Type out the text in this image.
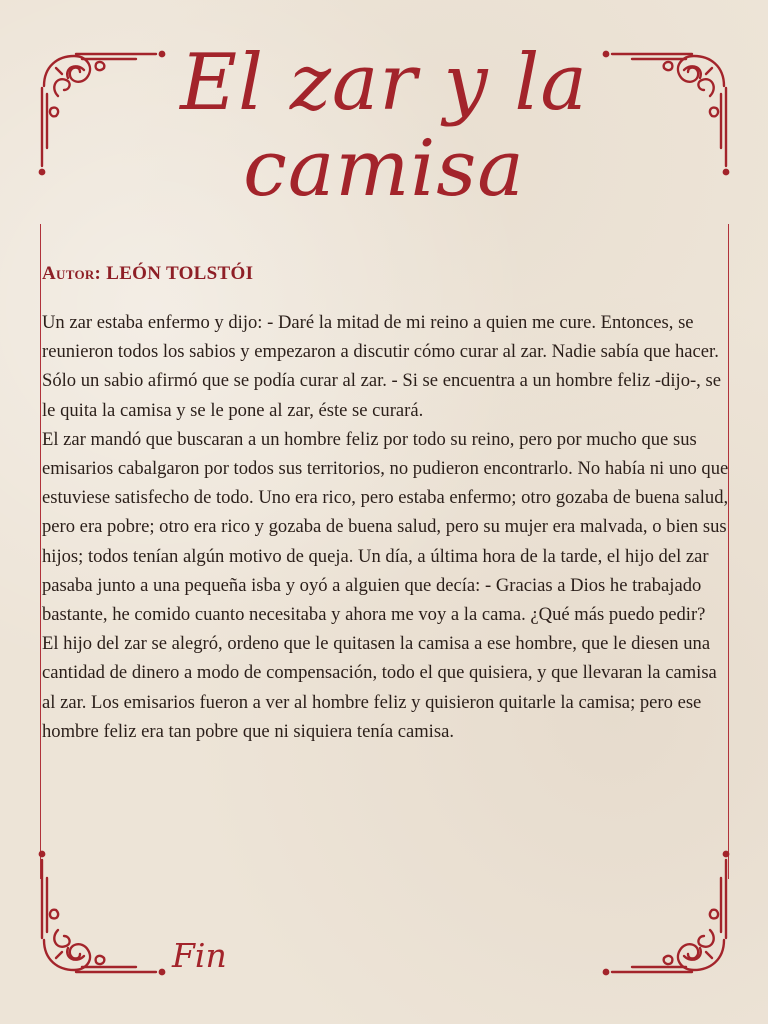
El zar y la
camisa

Autor: LEÓN TOLSTÓI

Un zar estaba enfermo y dijo: - Daré la mitad de mi reino a quien me cure. Entonces, se reunieron todos los sabios y empezaron a discutir cómo curar al zar. Nadie sabía que hacer. Sólo un sabio afirmó que se podía curar al zar. - Si se encuentra a un hombre feliz -dijo-, se le quita la camisa y se le pone al zar, éste se curará.

El zar mandó que buscaran a un hombre feliz por todo su reino, pero por mucho que sus emisarios cabalgaron por todos sus territorios, no pudieron encontrarlo. No había ni uno que estuviese satisfecho de todo. Uno era rico, pero estaba enfermo; otro gozaba de buena salud, pero era pobre; otro era rico y gozaba de buena salud, pero su mujer era malvada, o bien sus hijos; todos tenían algún motivo de queja. Un día, a última hora de la tarde, el hijo del zar pasaba junto a una pequeña isba y oyó a alguien que decía: - Gracias a Dios he trabajado bastante, he comido cuanto necesitaba y ahora me voy a la cama. ¿Qué más puedo pedir?

El hijo del zar se alegró, ordeno que le quitasen la camisa a ese hombre, que le diesen una cantidad de dinero a modo de compensación, todo el que quisiera, y que llevaran la camisa al zar. Los emisarios fueron a ver al hombre feliz y quisieron quitarle la camisa; pero ese hombre feliz era tan pobre que ni siquiera tenía camisa.

Fin
